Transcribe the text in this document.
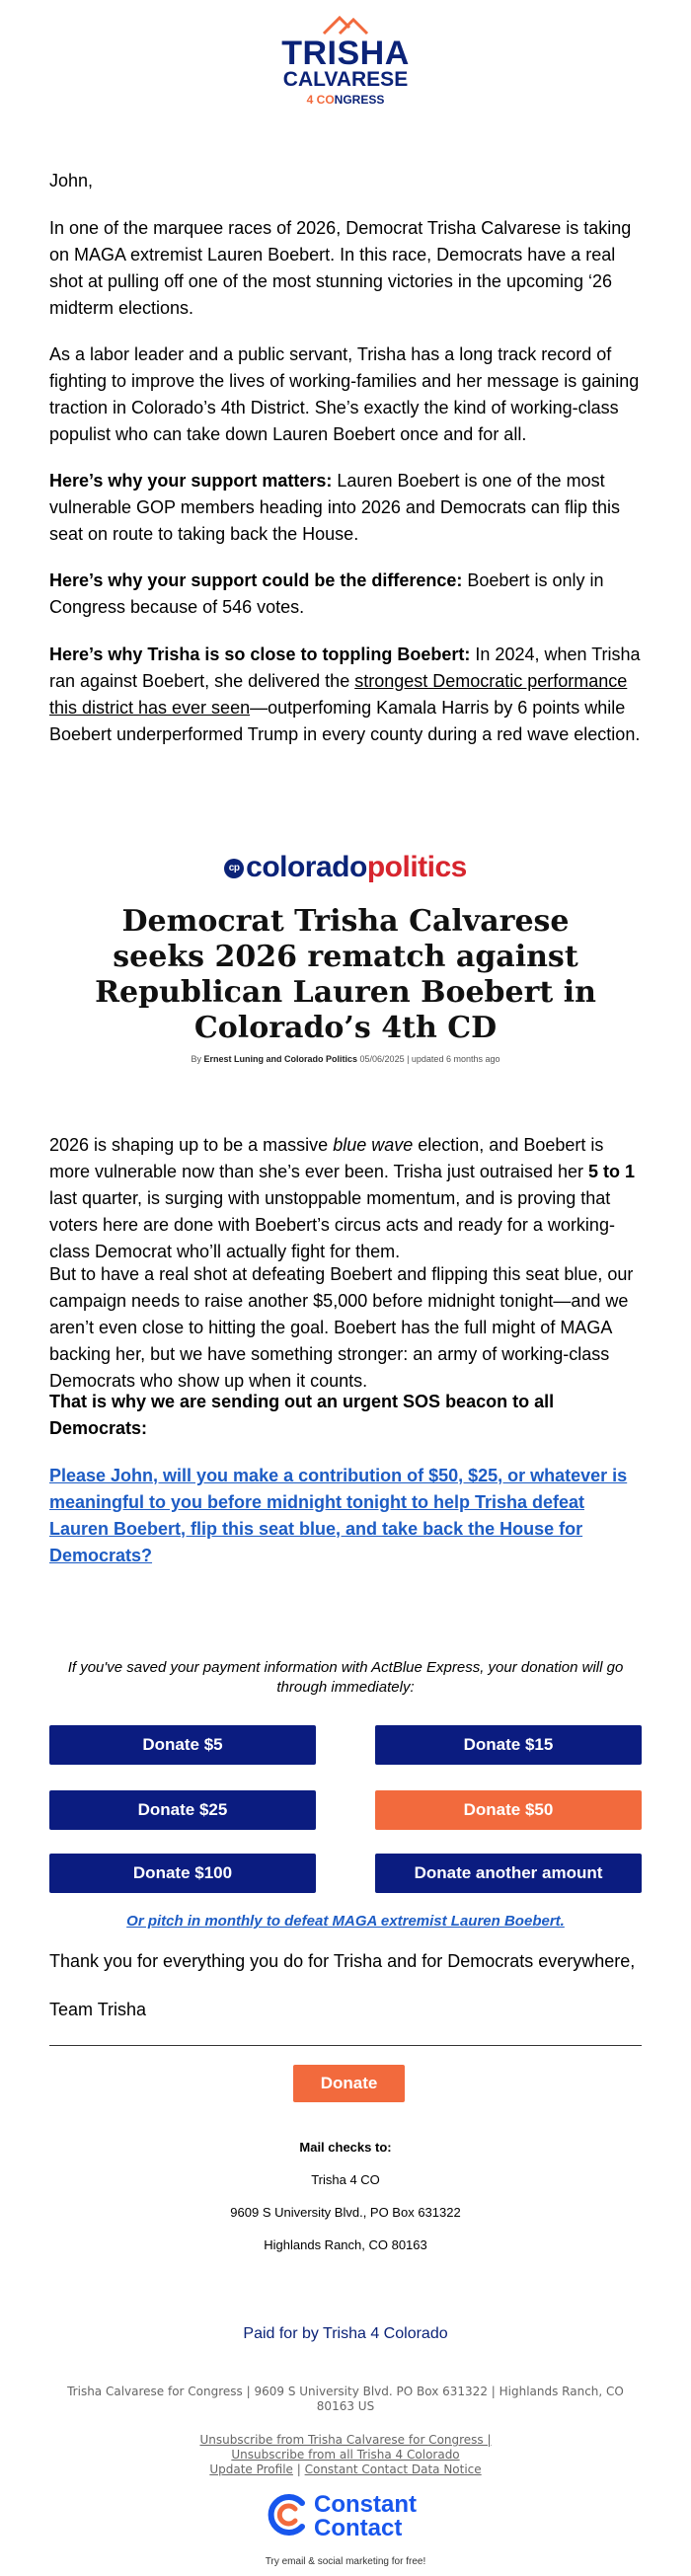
TRISHA
CALVARESE
4 CONGRESS

John,

In one of the marquee races of 2026, Democrat Trisha Calvarese is taking on MAGA extremist Lauren Boebert. In this race, Democrats have a real shot at pulling off one of the most stunning victories in the upcoming ‘26 midterm elections.

As a labor leader and a public servant, Trisha has a long track record of fighting to improve the lives of working-families and her message is gaining traction in Colorado’s 4th District. She’s exactly the kind of working-class populist who can take down Lauren Boebert once and for all.

Here’s why your support matters: Lauren Boebert is one of the most vulnerable GOP members heading into 2026 and Democrats can flip this seat on route to taking back the House.

Here’s why your support could be the difference: Boebert is only in Congress because of 546 votes.

Here’s why Trisha is so close to toppling Boebert: In 2024, when Trisha ran against Boebert, she delivered the strongest Democratic performance this district has ever seen—outperfoming Kamala Harris by 6 points while Boebert underperformed Trump in every county during a red wave election.

cp coloradopolitics
Democrat Trisha Calvarese seeks 2026 rematch against Republican Lauren Boebert in Colorado’s 4th CD
By Ernest Luning and Colorado Politics 05/06/2025 | updated 6 months ago

2026 is shaping up to be a massive blue wave election, and Boebert is more vulnerable now than she’s ever been. Trisha just outraised her 5 to 1 last quarter, is surging with unstoppable momentum, and is proving that voters here are done with Boebert’s circus acts and ready for a working-class Democrat who’ll actually fight for them.

But to have a real shot at defeating Boebert and flipping this seat blue, our campaign needs to raise another $5,000 before midnight tonight—and we aren’t even close to hitting the goal. Boebert has the full might of MAGA backing her, but we have something stronger: an army of working-class Democrats who show up when it counts.

That is why we are sending out an urgent SOS beacon to all Democrats:

Please John, will you make a contribution of $50, $25, or whatever is meaningful to you before midnight tonight to help Trisha defeat Lauren Boebert, flip this seat blue, and take back the House for Democrats?

If you've saved your payment information with ActBlue Express, your donation will go through immediately:
Donate $5	Donate $15
Donate $25	Donate $50
Donate $100	Donate another amount
Or pitch in monthly to defeat MAGA extremist Lauren Boebert.

Thank you for everything you do for Trisha and for Democrats everywhere,

Team Trisha

Donate
Mail checks to:
Trisha 4 CO
9609 S University Blvd., PO Box 631322
Highlands Ranch, CO 80163
Paid for by Trisha 4 Colorado
Trisha Calvarese for Congress | 9609 S University Blvd. PO Box 631322 | Highlands Ranch, CO 80163 US
Unsubscribe from Trisha Calvarese for Congress |
Unsubscribe from all Trisha 4 Colorado
Update Profile | Constant Contact Data Notice
Constant
Contact
Try email & social marketing for free!
